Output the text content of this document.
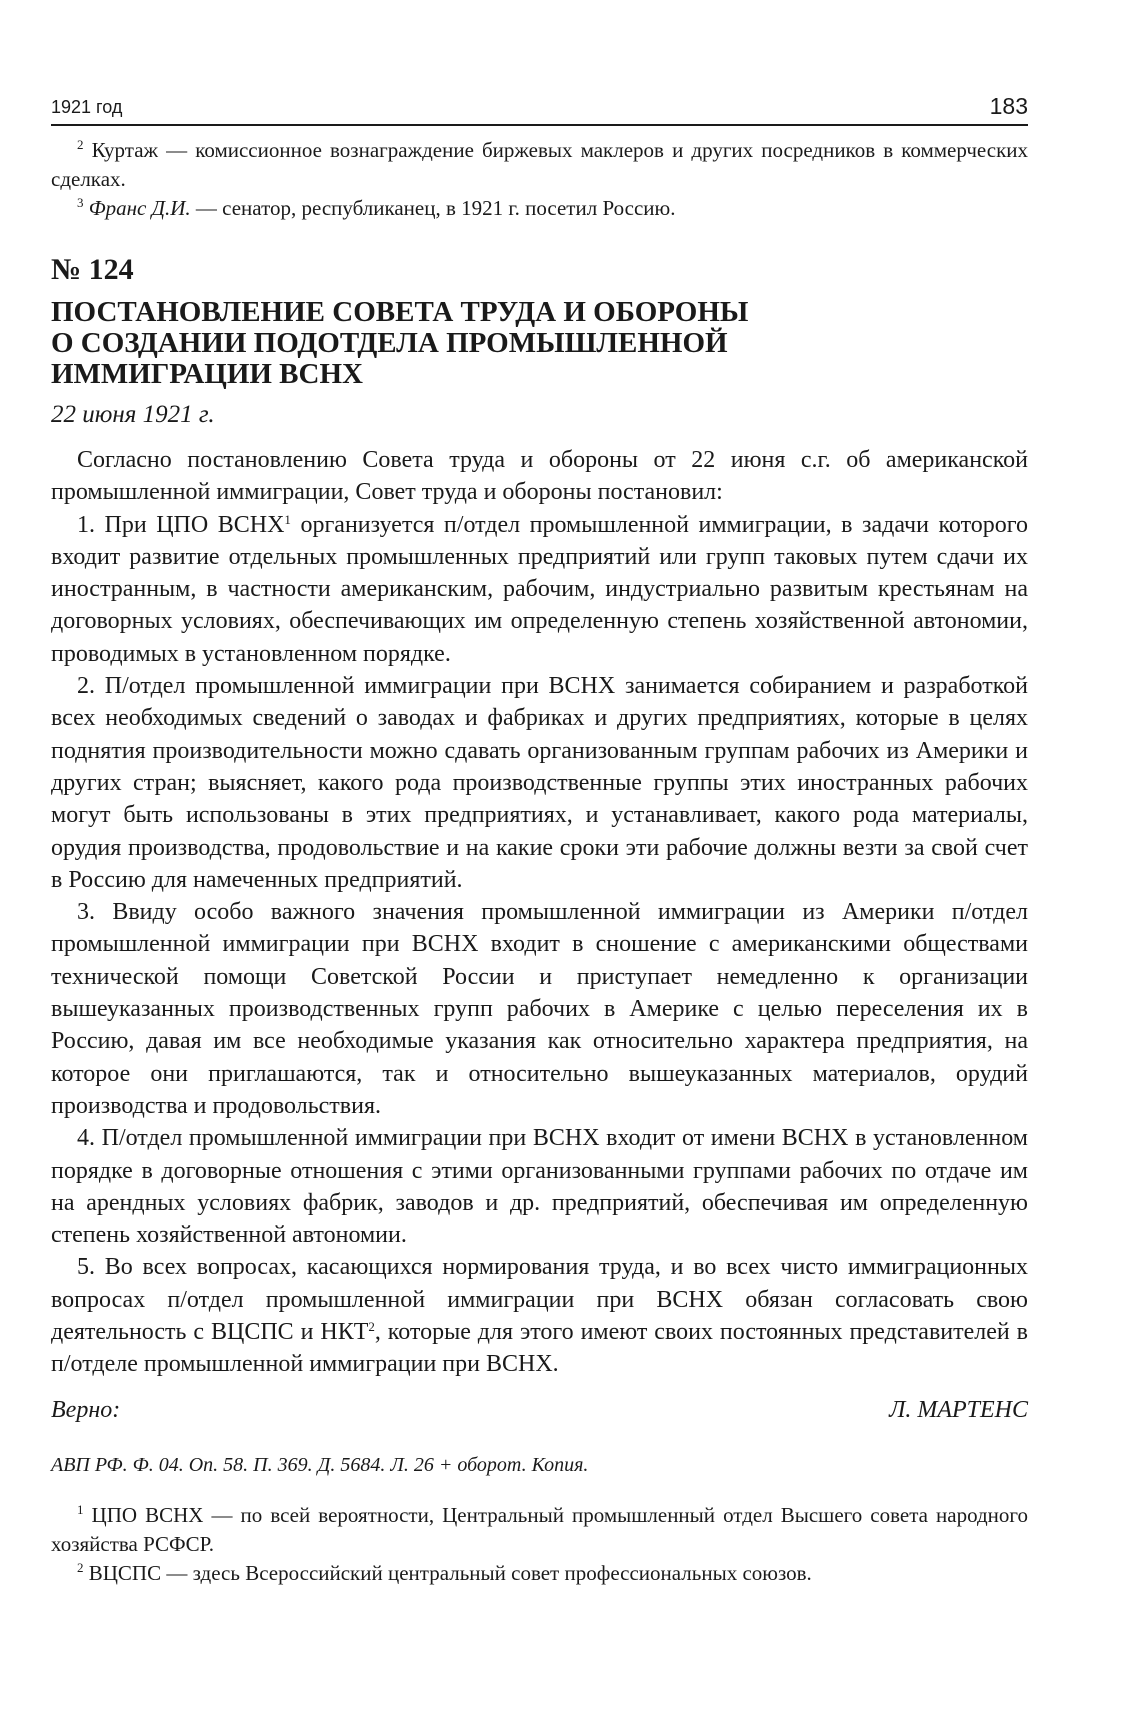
1921 год	183

$^2$ Куртаж — комиссионное вознаграждение биржевых маклеров и других посредников в коммерческих сделках.

$^3$ Франс Д.И. — сенатор, республиканец, в 1921 г. посетил Россию.

№ 124
ПОСТАНОВЛЕНИЕ СОВЕТА ТРУДА И ОБОРОНЫ
О СОЗДАНИИ ПОДОТДЕЛА ПРОМЫШЛЕННОЙ
ИММИГРАЦИИ ВСНХ
22 июня 1921 г.

Согласно постановлению Совета труда и обороны от 22 июня с.г. об американской промышленной иммиграции, Совет труда и обороны постановил:

1. При ЦПО ВСНХ$^1$ организуется п/отдел промышленной иммиграции, в задачи которого входит развитие отдельных промышленных предприятий или групп таковых путем сдачи их иностранным, в частности американским, рабочим, индустриально развитым крестьянам на договорных условиях, обеспечивающих им определенную степень хозяйственной автономии, проводимых в установленном порядке.

2. П/отдел промышленной иммиграции при ВСНХ занимается собиранием и разработкой всех необходимых сведений о заводах и фабриках и других предприятиях, которые в целях поднятия производительности можно сдавать организованным группам рабочих из Америки и других стран; выясняет, какого рода производственные группы этих иностранных рабочих могут быть использованы в этих предприятиях, и устанавливает, какого рода материалы, орудия производства, продовольствие и на какие сроки эти рабочие должны везти за свой счет в Россию для намеченных предприятий.

3. Ввиду особо важного значения промышленной иммиграции из Америки п/отдел промышленной иммиграции при ВСНХ входит в сношение с американскими обществами технической помощи Советской России и приступает немедленно к организации вышеуказанных производственных групп рабочих в Америке с целью переселения их в Россию, давая им все необходимые указания как относительно характера предприятия, на которое они приглашаются, так и относительно вышеуказанных материалов, орудий производства и продовольствия.

4. П/отдел промышленной иммиграции при ВСНХ входит от имени ВСНХ в установленном порядке в договорные отношения с этими организованными группами рабочих по отдаче им на арендных условиях фабрик, заводов и др. предприятий, обеспечивая им определенную степень хозяйственной автономии.

5. Во всех вопросах, касающихся нормирования труда, и во всех чисто иммиграционных вопросах п/отдел промышленной иммиграции при ВСНХ обязан согласовать свою деятельность с ВЦСПС и НКТ$^2$, которые для этого имеют своих постоянных представителей в п/отделе промышленной иммиграции при ВСНХ.

Верно:	Л. МАРТЕНС
АВП РФ. Ф. 04. Оп. 58. П. 369. Д. 5684. Л. 26 + оборот. Копия.

$^1$ ЦПО ВСНХ — по всей вероятности, Центральный промышленный отдел Высшего совета народного хозяйства РСФСР.

$^2$ ВЦСПС — здесь Всероссийский центральный совет профессиональных союзов.
